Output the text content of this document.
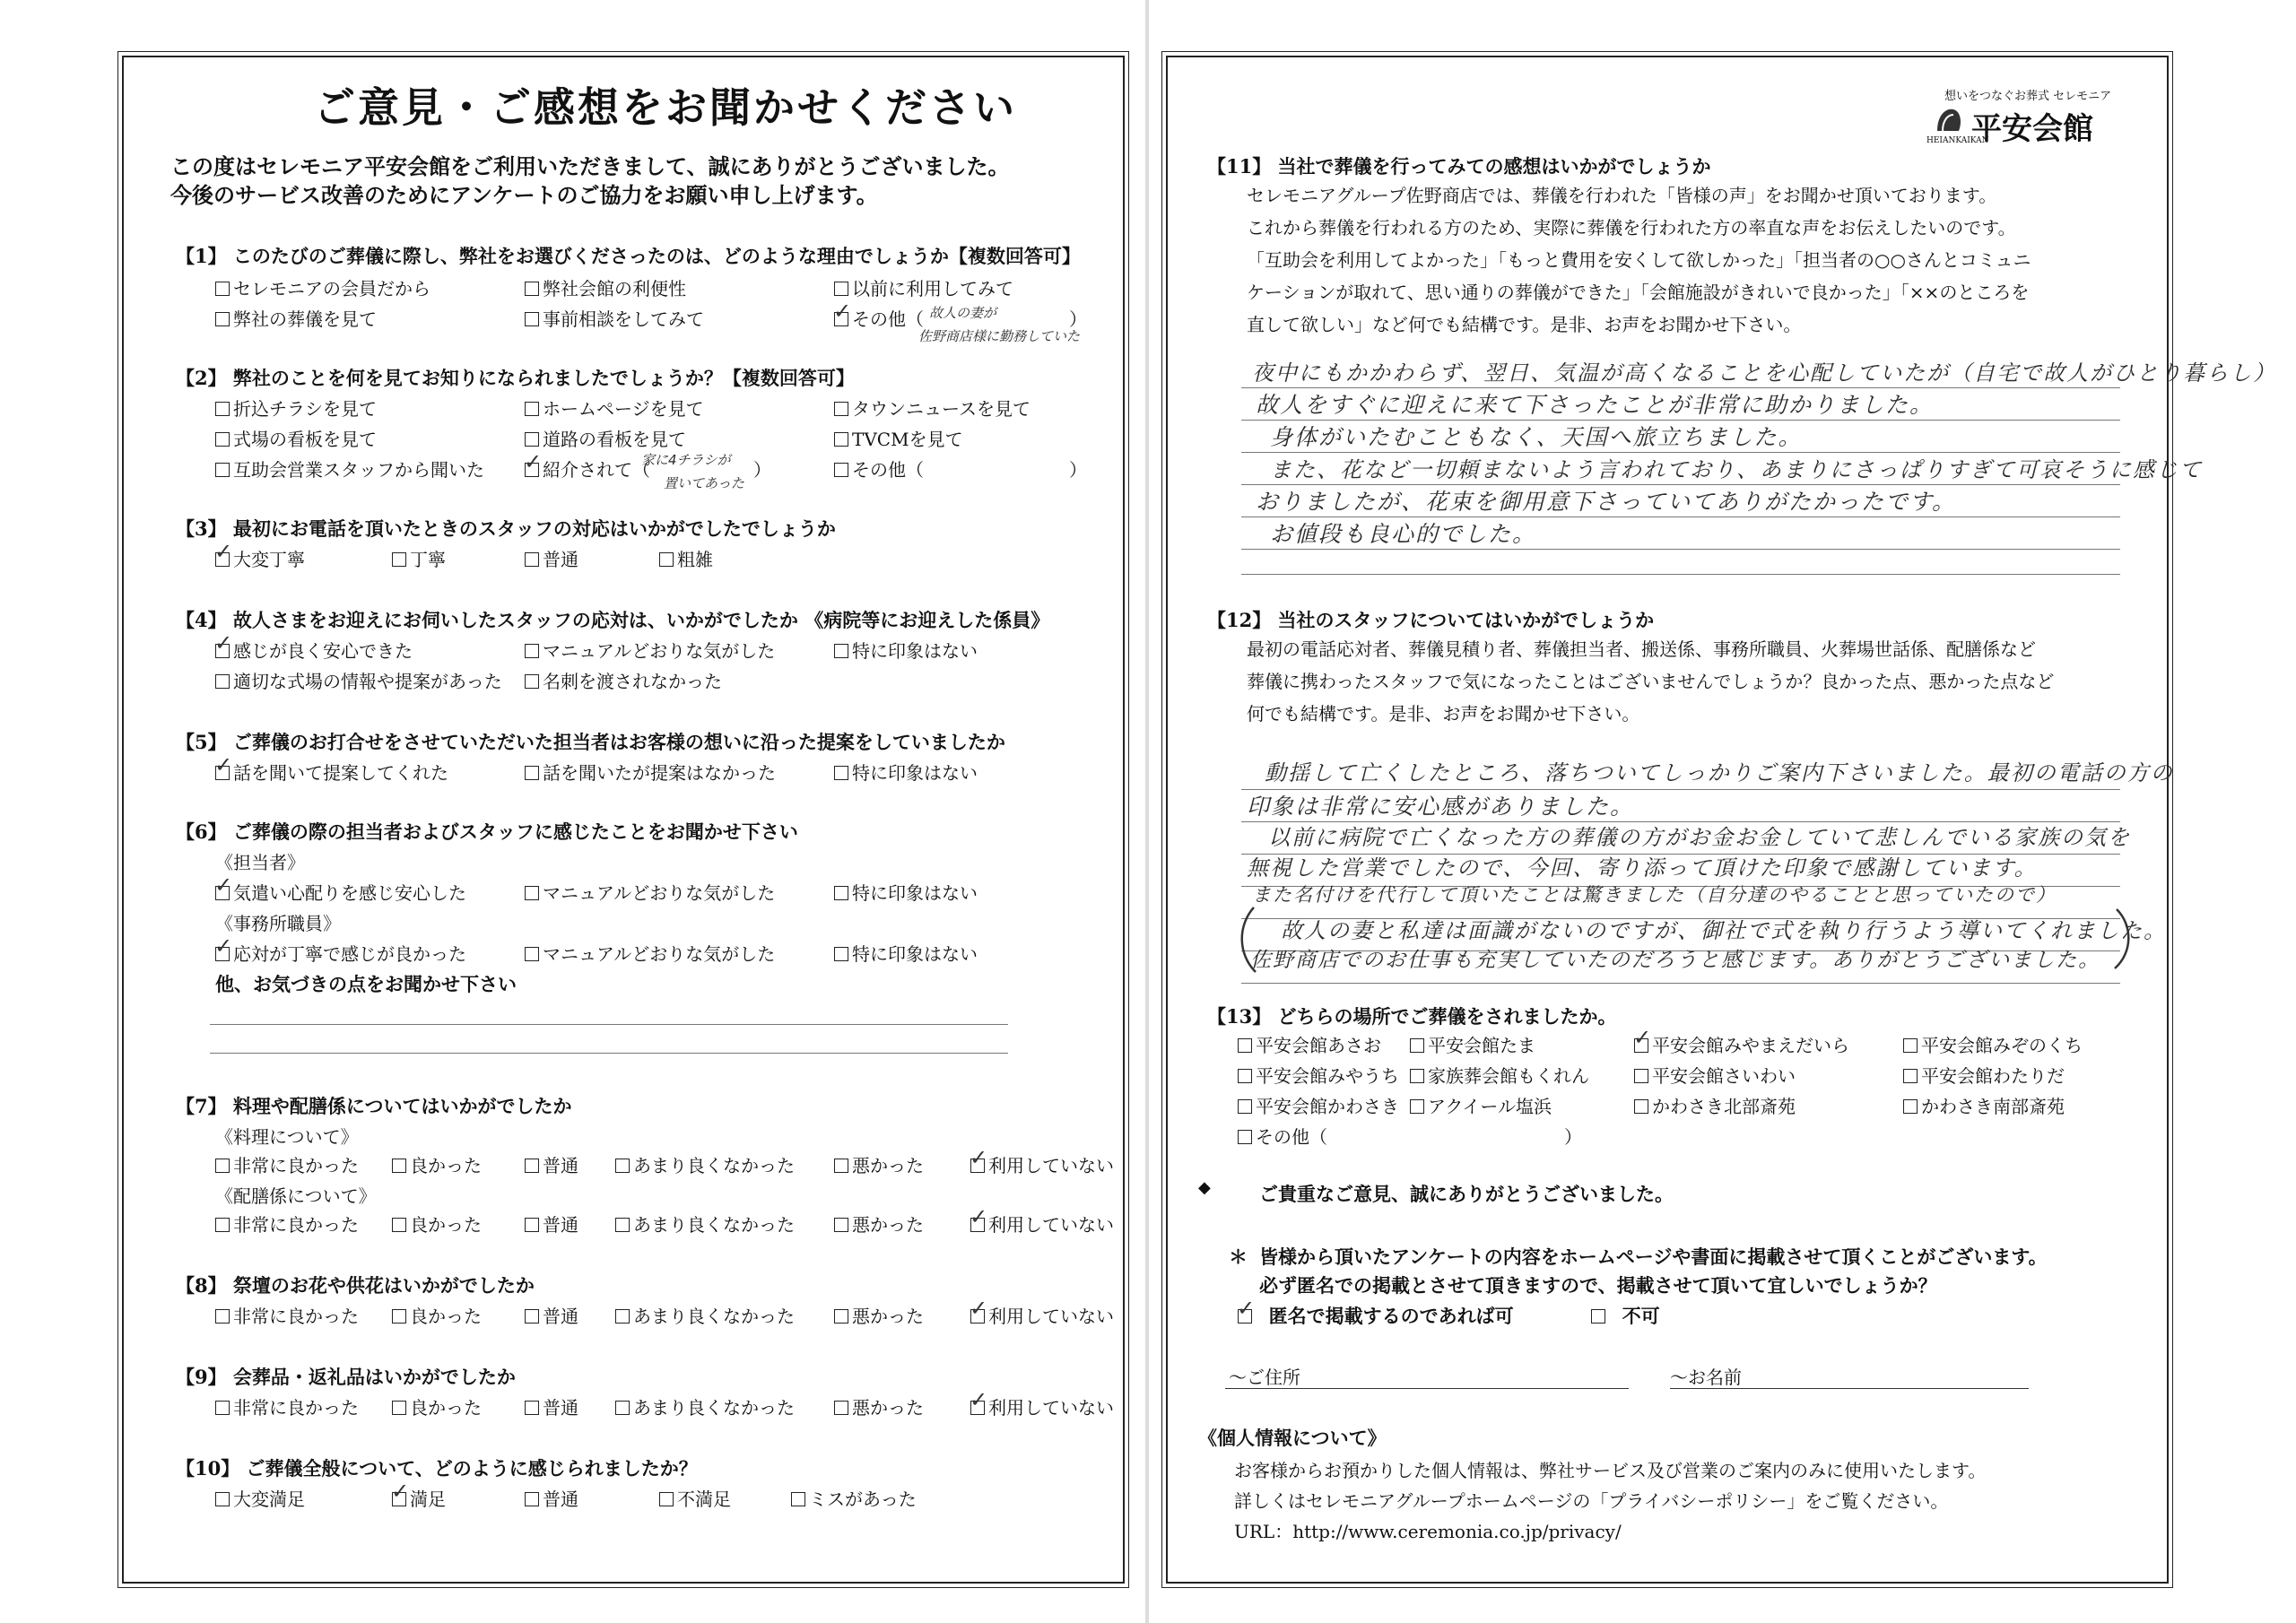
ご意見・ご感想をお聞かせください
この度はセレモニア平安会館をご利用いただきまして、誠にありがとうございました。
今後のサービス改善のためにアンケートのご協力をお願い申し上げます。
【1】 このたびのご葬儀に際し、弊社をお選びくださったのは、どのような理由でしょうか【複数回答可】
セレモニアの会員だから	弊社会館の利便性	以前に利用してみて
弊社の葬儀を見て	事前相談をしてみて ✓	その他（ 故人の妻が	）
佐野商店様に勤務していた
【2】 弊社のことを何を見てお知りになられましたでしょうか？【複数回答可】
折込チラシを見て	ホームページを見て	タウンニュースを見て
式場の看板を見て	道路の看板を見て	TVCMを見て
互助会営業スタッフから聞いた ✓	紹介されて（
家に4チラシが ）
置いてあった
その他（	）
【3】 最初にお電話を頂いたときのスタッフの対応はいかがでしたでしょうか
✓大変丁寧	丁寧	普通	粗雑
【4】 故人さまをお迎えにお伺いしたスタッフの応対は、いかがでしたか 《病院等にお迎えした係員》
✓感じが良く安心できた	マニュアルどおりな気がした	特に印象はない
適切な式場の情報や提案があった	名刺を渡されなかった
【5】 ご葬儀のお打合せをさせていただいた担当者はお客様の想いに沿った提案をしていましたか
✓話を聞いて提案してくれた	話を聞いたが提案はなかった	特に印象はない
【6】 ご葬儀の際の担当者およびスタッフに感じたことをお聞かせ下さい
《担当者》
✓気遣い心配りを感じ安心した	マニュアルどおりな気がした	特に印象はない
《事務所職員》
✓応対が丁寧で感じが良かった	マニュアルどおりな気がした	特に印象はない
他、お気づきの点をお聞かせ下さい
【7】 料理や配膳係についてはいかがでしたか
《料理について》
非常に良かった	良かった	普通	あまり良くなかった	悪かった ✓	利用していない
《配膳係について》
非常に良かった	良かった	普通	あまり良くなかった	悪かった ✓	利用していない
【8】 祭壇のお花や供花はいかがでしたか
非常に良かった	良かった	普通	あまり良くなかった	悪かった ✓	利用していない
【9】 会葬品・返礼品はいかがでしたか
非常に良かった	良かった	普通	あまり良くなかった	悪かった ✓	利用していない
【10】 ご葬儀全般について、どのように感じられましたか？
大変満足 ✓	満足	普通	不満足	ミスがあった
想いをつなぐお葬式 セレモニア
平安会館
HEIANKAIKAN
【11】 当社で葬儀を行ってみての感想はいかがでしょうか
セレモニアグループ佐野商店では、葬儀を行われた「皆様の声」をお聞かせ頂いております。
これから葬儀を行われる方のため、実際に葬儀を行われた方の率直な声をお伝えしたいのです。
「互助会を利用してよかった」「もっと費用を安くして欲しかった」「担当者の○○さんとコミュニ
ケーションが取れて、思い通りの葬儀ができた」「会館施設がきれいで良かった」「××のところを
直して欲しい」など何でも結構です。是非、お声をお聞かせ下さい。
夜中にもかかわらず、翌日、気温が高くなることを心配していたが（自宅で故人がひとり暮らし）
故人をすぐに迎えに来て下さったことが非常に助かりました。
身体がいたむこともなく、天国へ旅立ちました。
また、花など一切頼まないよう言われており、あまりにさっぱりすぎて可哀そうに感じて
おりましたが、花束を御用意下さっていてありがたかったです。
お値段も良心的でした。
【12】 当社のスタッフについてはいかがでしょうか
最初の電話応対者、葬儀見積り者、葬儀担当者、搬送係、事務所職員、火葬場世話係、配膳係など
葬儀に携わったスタッフで気になったことはございませんでしょうか？良かった点、悪かった点など
何でも結構です。是非、お声をお聞かせ下さい。
動揺して亡くしたところ、落ちついてしっかりご案内下さいました。最初の電話の方の
印象は非常に安心感がありました。
以前に病院で亡くなった方の葬儀の方がお金お金していて悲しんでいる家族の気を
無視した営業でしたので、今回、寄り添って頂けた印象で感謝しています。
また名付けを代行して頂いたことは驚きました（自分達のやることと思っていたので）
故人の妻と私達は面識がないのですが、御社で式を執り行うよう導いてくれました。
佐野商店でのお仕事も充実していたのだろうと感じます。ありがとうございました。
【13】 どちらの場所でご葬儀をされましたか。
平安会館あさお	平安会館たま ✓	平安会館みやまえだいら	平安会館みぞのくち
平安会館みやうち	家族葬会館もくれん	平安会館さいわい	平安会館わたりだ
平安会館かわさき	アクイール塩浜	かわさき北部斎苑	かわさき南部斎苑
その他（	）
◆	ご貴重なご意見、誠にありがとうございました。
＊ 皆様から頂いたアンケートの内容をホームページや書面に掲載させて頂くことがございます。
必ず匿名での掲載とさせて頂きますので、掲載させて頂いて宜しいでしょうか？
✓  匿名で掲載するのであれば可	不可
〜ご住所	〜お名前
《個人情報について》
お客様からお預かりした個人情報は、弊社サービス及び営業のご案内のみに使用いたします。
詳しくはセレモニアグループホームページの「プライバシーポリシー」をご覧ください。
URL：http://www.ceremonia.co.jp/privacy/
